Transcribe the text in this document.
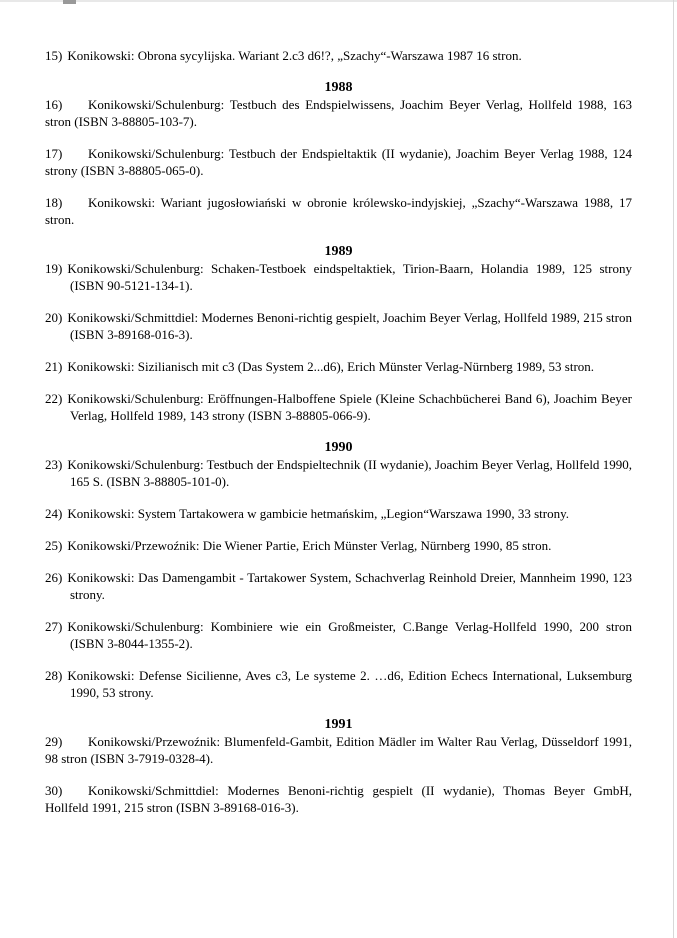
15) Konikowski: Obrona sycylijska. Wariant 2.c3 d6!?, „Szachy“-Warszawa 1987 16 stron.

1988

16) Konikowski/Schulenburg: Testbuch des Endspielwissens, Joachim Beyer Verlag, Hollfeld 1988, 163 stron (ISBN 3-88805-103-7).

17) Konikowski/Schulenburg: Testbuch der Endspieltaktik (II wydanie), Joachim Beyer Verlag 1988, 124 strony (ISBN 3-88805-065-0).

18) Konikowski: Wariant jugosłowiański w obronie królewsko-indyjskiej, „Szachy“-Warszawa 1988, 17 stron.

1989

19) Konikowski/Schulenburg: Schaken-Testboek eindspeltaktiek, Tirion-Baarn, Holandia 1989, 125 strony (ISBN 90-5121-134-1).

20) Konikowski/Schmittdiel: Modernes Benoni-richtig gespielt, Joachim Beyer Verlag, Hollfeld 1989, 215 stron (ISBN 3-89168-016-3).

21) Konikowski: Sizilianisch mit c3 (Das System 2...d6), Erich Münster Verlag-Nürnberg 1989, 53 stron.

22) Konikowski/Schulenburg: Eröffnungen-Halboffene Spiele (Kleine Schachbücherei Band 6), Joachim Beyer Verlag, Hollfeld 1989, 143 strony (ISBN 3-88805-066-9).

1990

23) Konikowski/Schulenburg: Testbuch der Endspieltechnik (II wydanie), Joachim Beyer Verlag, Hollfeld 1990, 165 S. (ISBN 3-88805-101-0).

24) Konikowski: System Tartakowera w gambicie hetmańskim, „Legion“Warszawa 1990, 33 strony.

25) Konikowski/Przewoźnik: Die Wiener Partie, Erich Münster Verlag, Nürnberg 1990, 85 stron.

26) Konikowski: Das Damengambit - Tartakower System, Schachverlag Reinhold Dreier, Mannheim 1990, 123 strony.

27) Konikowski/Schulenburg: Kombiniere wie ein Großmeister, C.Bange Verlag-Hollfeld 1990, 200 stron (ISBN 3-8044-1355-2).

28) Konikowski: Defense Sicilienne, Aves c3, Le systeme 2. …d6, Edition Echecs International, Luksemburg 1990, 53 strony.

1991

29) Konikowski/Przewoźnik: Blumenfeld-Gambit, Edition Mädler im Walter Rau Verlag, Düsseldorf 1991, 98 stron (ISBN 3-7919-0328-4).

30) Konikowski/Schmittdiel: Modernes Benoni-richtig gespielt (II wydanie), Thomas Beyer GmbH, Hollfeld 1991, 215 stron (ISBN 3-89168-016-3).
